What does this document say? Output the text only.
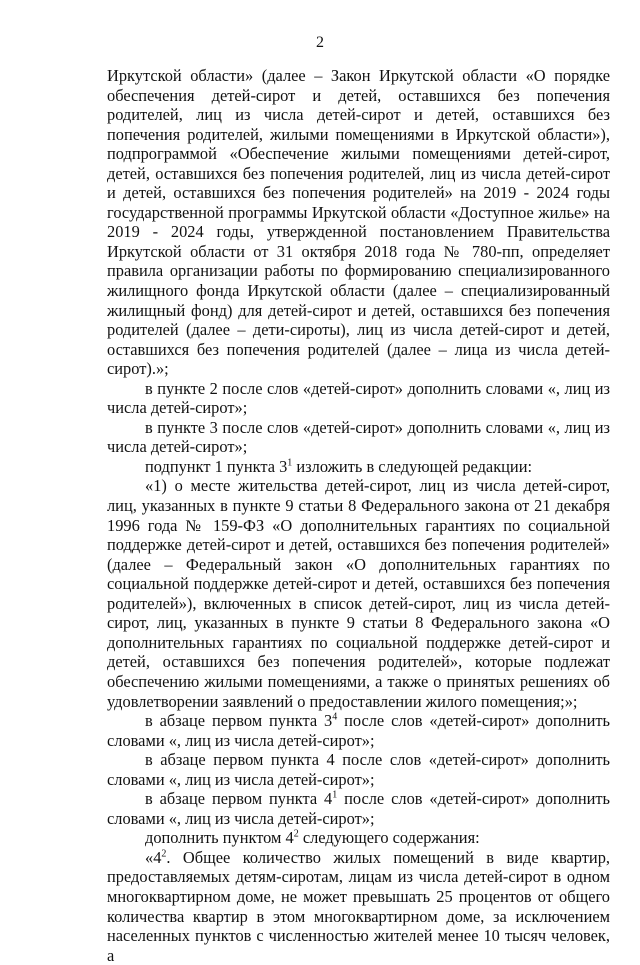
2

Иркутской области» (далее – Закон Иркутской области «О порядке обеспечения детей-сирот и детей, оставшихся без попечения родителей, лиц из числа детей-сирот и детей, оставшихся без попечения родителей, жилыми помещениями в Иркутской области»), подпрограммой «Обеспечение жилыми помещениями детей-сирот, детей, оставшихся без попечения родителей, лиц из числа детей-сирот и детей, оставшихся без попечения родителей» на 2019 - 2024 годы государственной программы Иркутской области «Доступное жилье» на 2019 - 2024 годы, утвержденной постановлением Правительства Иркутской области от 31 октября 2018 года № 780-пп, определяет правила организации работы по формированию специализированного жилищного фонда Иркутской области (далее – специализированный жилищный фонд) для детей-сирот и детей, оставшихся без попечения родителей (далее – дети-сироты), лиц из числа детей-сирот и детей, оставшихся без попечения родителей (далее – лица из числа детей-сирот).»;

в пункте 2 после слов «детей-сирот» дополнить словами «, лиц из числа детей-сирот»;

в пункте 3 после слов «детей-сирот» дополнить словами «, лиц из числа детей-сирот»;

подпункт 1 пункта $3^1$ изложить в следующей редакции:

«1) о месте жительства детей-сирот, лиц из числа детей-сирот, лиц, указанных в пункте 9 статьи 8 Федерального закона от 21 декабря 1996 года № 159-ФЗ «О дополнительных гарантиях по социальной поддержке детей-сирот и детей, оставшихся без попечения родителей» (далее – Федеральный закон «О дополнительных гарантиях по социальной поддержке детей-сирот и детей, оставшихся без попечения родителей»), включенных в список детей-сирот, лиц из числа детей-сирот, лиц, указанных в пункте 9 статьи 8 Федерального закона «О дополнительных гарантиях по социальной поддержке детей-сирот и детей, оставшихся без попечения родителей», которые подлежат обеспечению жилыми помещениями, а также о принятых решениях об удовлетворении заявлений о предоставлении жилого помещения;»;

в абзаце первом пункта $3^4$ после слов «детей-сирот» дополнить словами «, лиц из числа детей-сирот»;

в абзаце первом пункта 4 после слов «детей-сирот» дополнить словами «, лиц из числа детей-сирот»;

в абзаце первом пункта $4^1$ после слов «детей-сирот» дополнить словами «, лиц из числа детей-сирот»;

дополнить пунктом $4^2$ следующего содержания:

«$4^2$. Общее количество жилых помещений в виде квартир, предоставляемых детям-сиротам, лицам из числа детей-сирот в одном многоквартирном доме, не может превышать 25 процентов от общего количества квартир в этом многоквартирном доме, за исключением населенных пунктов с численностью жителей менее 10 тысяч человек, а
